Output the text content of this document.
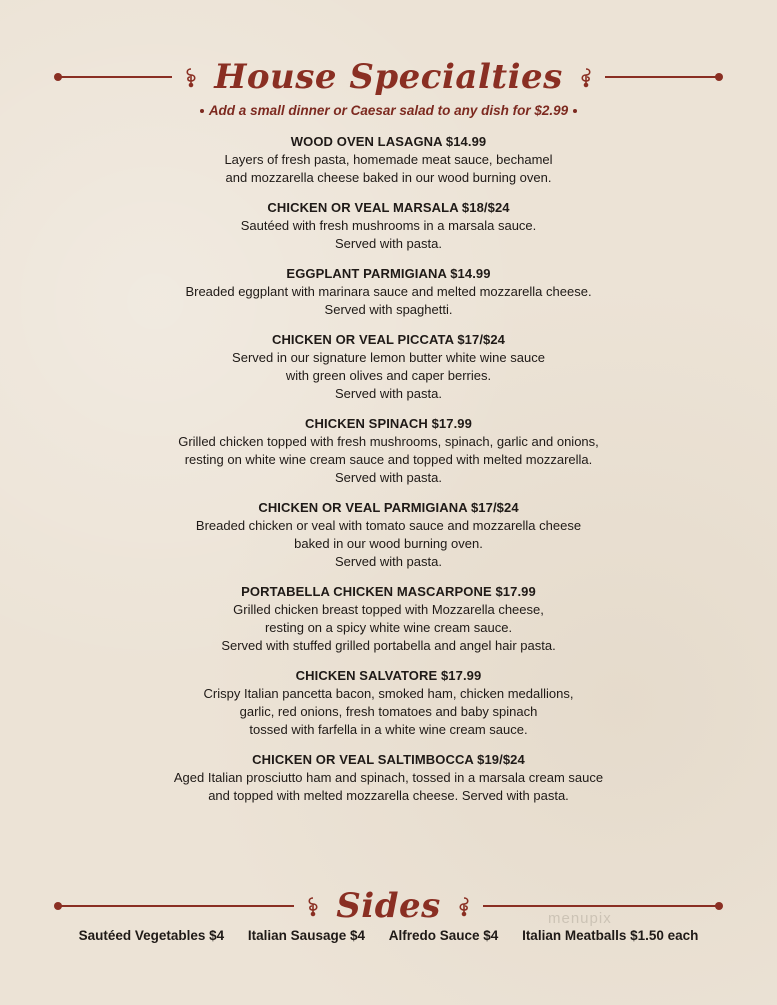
House Specialties
Add a small dinner or Caesar salad to any dish for $2.99
WOOD OVEN LASAGNA $14.99
Layers of fresh pasta, homemade meat sauce, bechamel
and mozzarella cheese baked in our wood burning oven.
CHICKEN OR VEAL MARSALA $18/$24
Sautéed with fresh mushrooms in a marsala sauce.
Served with pasta.
EGGPLANT PARMIGIANA $14.99
Breaded eggplant with marinara sauce and melted mozzarella cheese.
Served with spaghetti.
CHICKEN OR VEAL PICCATA $17/$24
Served in our signature lemon butter white wine sauce
with green olives and caper berries.
Served with pasta.
CHICKEN SPINACH $17.99
Grilled chicken topped with fresh mushrooms, spinach, garlic and onions,
resting on white wine cream sauce and topped with melted mozzarella.
Served with pasta.
CHICKEN OR VEAL PARMIGIANA $17/$24
Breaded chicken or veal with tomato sauce and mozzarella cheese
baked in our wood burning oven.
Served with pasta.
PORTABELLA CHICKEN MASCARPONE $17.99
Grilled chicken breast topped with Mozzarella cheese,
resting on a spicy white wine cream sauce.
Served with stuffed grilled portabella and angel hair pasta.
CHICKEN SALVATORE $17.99
Crispy Italian pancetta bacon, smoked ham, chicken medallions,
garlic, red onions, fresh tomatoes and baby spinach
tossed with farfella in a white wine cream sauce.
CHICKEN OR VEAL SALTIMBOCCA $19/$24
Aged Italian prosciutto ham and spinach, tossed in a marsala cream sauce
and topped with melted mozzarella cheese. Served with pasta.
Sides	menupix
Sautéed Vegetables $4 Italian Sausage $4 Alfredo Sauce $4 Italian Meatballs $1.50 each
